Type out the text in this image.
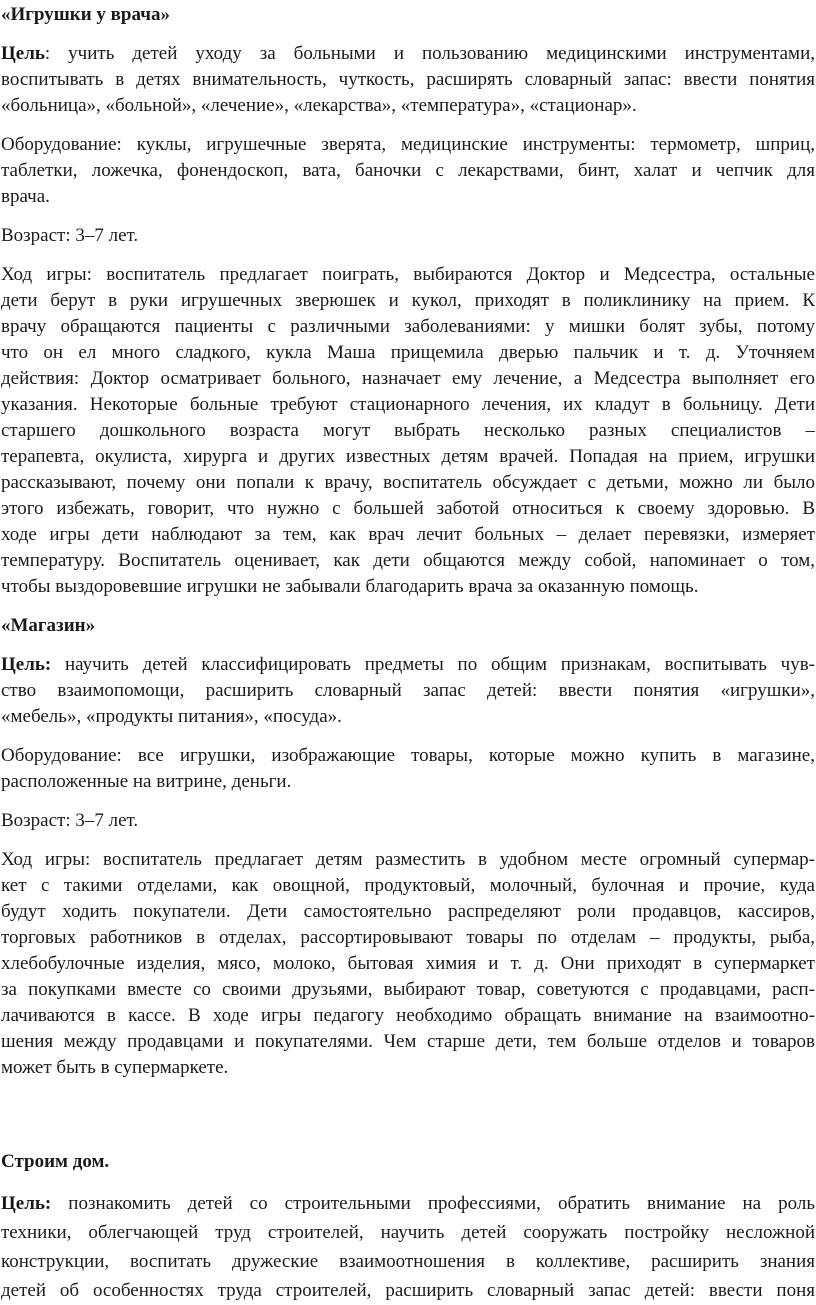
«Игрушки у врача»
Цель: учить детей уходу за больными и пользованию медицинскими инструментами,
воспитывать в детях внимательность, чуткость, расширять словарный запас: ввести понятия
«больница», «больной», «лечение», «лекарства», «температура», «стационар».
Оборудование: куклы, игрушечные зверята, медицинские инструменты: термометр, шприц,
таблетки, ложечка, фонендоскоп, вата, баночки с лекарствами, бинт, халат и чепчик для
врача.
Возраст: 3–7 лет.
Ход игры: воспитатель предлагает поиграть, выбираются Доктор и Медсестра, остальные
дети берут в руки игрушечных зверюшек и кукол, приходят в поликлинику на прием. К
врачу обращаются пациенты с различными заболеваниями: у мишки болят зубы, потому
что он ел много сладкого, кукла Маша прищемила дверью пальчик и т. д. Уточняем
действия: Доктор осматривает больного, назначает ему лечение, а Медсестра выполняет его
указания. Некоторые больные требуют стационарного лечения, их кладут в больницу. Дети
старшего дошкольного возраста могут выбрать несколько разных специалистов –
терапевта, окулиста, хирурга и других известных детям врачей. Попадая на прием, игрушки
рассказывают, почему они попали к врачу, воспитатель обсуждает с детьми, можно ли было
этого избежать, говорит, что нужно с большей заботой относиться к своему здоровью. В
ходе игры дети наблюдают за тем, как врач лечит больных – делает перевязки, измеряет
температуру. Воспитатель оценивает, как дети общаются между собой, напоминает о том,
чтобы выздоровевшие игрушки не забывали благодарить врача за оказанную помощь.
«Магазин»
Цель: научить детей классифицировать предметы по общим признакам, воспитывать чув-
ство взаимопомощи, расширить словарный запас детей: ввести понятия «игрушки»,
«мебель», «продукты питания», «посуда».
Оборудование: все игрушки, изображающие товары, которые можно купить в магазине,
расположенные на витрине, деньги.
Возраст: 3–7 лет.
Ход игры: воспитатель предлагает детям разместить в удобном месте огромный супермар-
кет с такими отделами, как овощной, продуктовый, молочный, булочная и прочие, куда
будут ходить покупатели. Дети самостоятельно распределяют роли продавцов, кассиров,
торговых работников в отделах, рассортировывают товары по отделам – продукты, рыба,
хлебобулочные изделия, мясо, молоко, бытовая химия и т. д. Они приходят в супермаркет
за покупками вместе со своими друзьями, выбирают товар, советуются с продавцами, расп-
лачиваются в кассе. В ходе игры педагогу необходимо обращать внимание на взаимоотно-
шения между продавцами и покупателями. Чем старше дети, тем больше отделов и товаров
может быть в супермаркете.
Строим дом.
Цель: познакомить детей со строительными профессиями, обратить внимание на роль
техники, облегчающей труд строителей, научить детей сооружать постройку несложной
конструкции, воспитать дружеские взаимоотношения в коллективе, расширить знания
детей об особенностях труда строителей, расширить словарный запас детей: ввести поня
